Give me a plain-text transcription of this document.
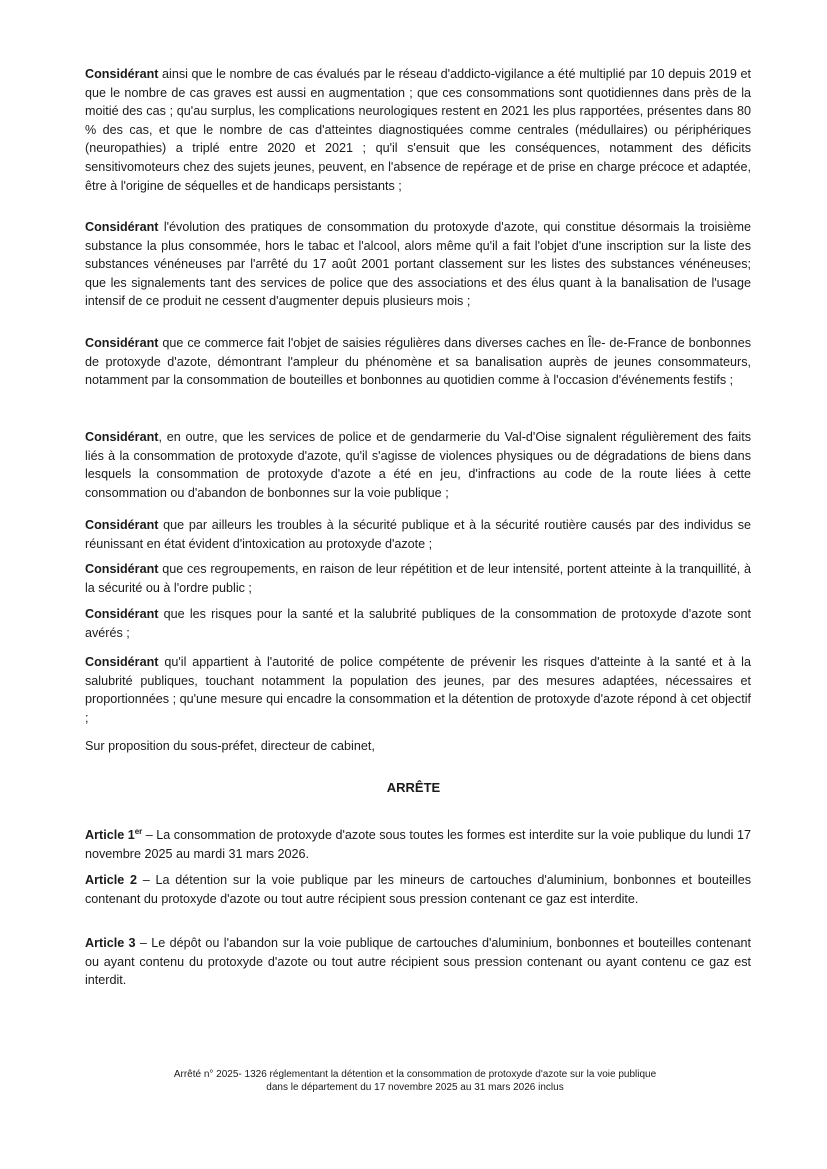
Considérant ainsi que le nombre de cas évalués par le réseau d'addicto-vigilance a été multiplié par 10 depuis 2019 et que le nombre de cas graves est aussi en augmentation ; que ces consommations sont quotidiennes dans près de la moitié des cas ; qu'au surplus, les complications neurologiques restent en 2021 les plus rapportées, présentes dans 80 % des cas, et que le nombre de cas d'atteintes diagnostiquées comme centrales (médullaires) ou périphériques (neuropathies) a triplé entre 2020 et 2021 ; qu'il s'ensuit que les conséquences, notamment des déficits sensitivomoteurs chez des sujets jeunes, peuvent, en l'absence de repérage et de prise en charge précoce et adaptée, être à l'origine de séquelles et de handicaps persistants ;

Considérant l'évolution des pratiques de consommation du protoxyde d'azote, qui constitue désormais la troisième substance la plus consommée, hors le tabac et l'alcool, alors même qu'il a fait l'objet d'une inscription sur la liste des substances vénéneuses par l'arrêté du 17 août 2001 portant classement sur les listes des substances vénéneuses; que les signalements tant des services de police que des associations et des élus quant à la banalisation de l'usage intensif de ce produit ne cessent d'augmenter depuis plusieurs mois ;

Considérant que ce commerce fait l'objet de saisies régulières dans diverses caches en Île- de-France de bonbonnes de protoxyde d'azote, démontrant l'ampleur du phénomène et sa banalisation auprès de jeunes consommateurs, notamment par la consommation de bouteilles et bonbonnes au quotidien comme à l'occasion d'événements festifs ;

Considérant, en outre, que les services de police et de gendarmerie du Val-d'Oise signalent régulièrement des faits liés à la consommation de protoxyde d'azote, qu'il s'agisse de violences physiques ou de dégradations de biens dans lesquels la consommation de protoxyde d'azote a été en jeu, d'infractions au code de la route liées à cette consommation ou d'abandon de bonbonnes sur la voie publique ;

Considérant que par ailleurs les troubles à la sécurité publique et à la sécurité routière causés par des individus se réunissant en état évident d'intoxication au protoxyde d'azote ;

Considérant que ces regroupements, en raison de leur répétition et de leur intensité, portent atteinte à la tranquillité, à la sécurité ou à l'ordre public ;

Considérant que les risques pour la santé et la salubrité publiques de la consommation de protoxyde d'azote sont avérés ;

Considérant qu'il appartient à l'autorité de police compétente de prévenir les risques d'atteinte à la santé et à la salubrité publiques, touchant notamment la population des jeunes, par des mesures adaptées, nécessaires et proportionnées ; qu'une mesure qui encadre la consommation et la détention de protoxyde d'azote répond à cet objectif ;

Sur proposition du sous-préfet, directeur de cabinet,

ARRÊTE

Article 1er – La consommation de protoxyde d'azote sous toutes les formes est interdite sur la voie publique du lundi 17 novembre 2025 au mardi 31 mars 2026.

Article 2 – La détention sur la voie publique par les mineurs de cartouches d'aluminium, bonbonnes et bouteilles contenant du protoxyde d'azote ou tout autre récipient sous pression contenant ce gaz est interdite.

Article 3 – Le dépôt ou l'abandon sur la voie publique de cartouches d'aluminium, bonbonnes et bouteilles contenant ou ayant contenu du protoxyde d'azote ou tout autre récipient sous pression contenant ou ayant contenu ce gaz est interdit.

Arrêté n° 2025- 1326 réglementant la détention et la consommation de protoxyde d'azote sur la voie publique
dans le département du 17 novembre 2025 au 31 mars 2026 inclus
